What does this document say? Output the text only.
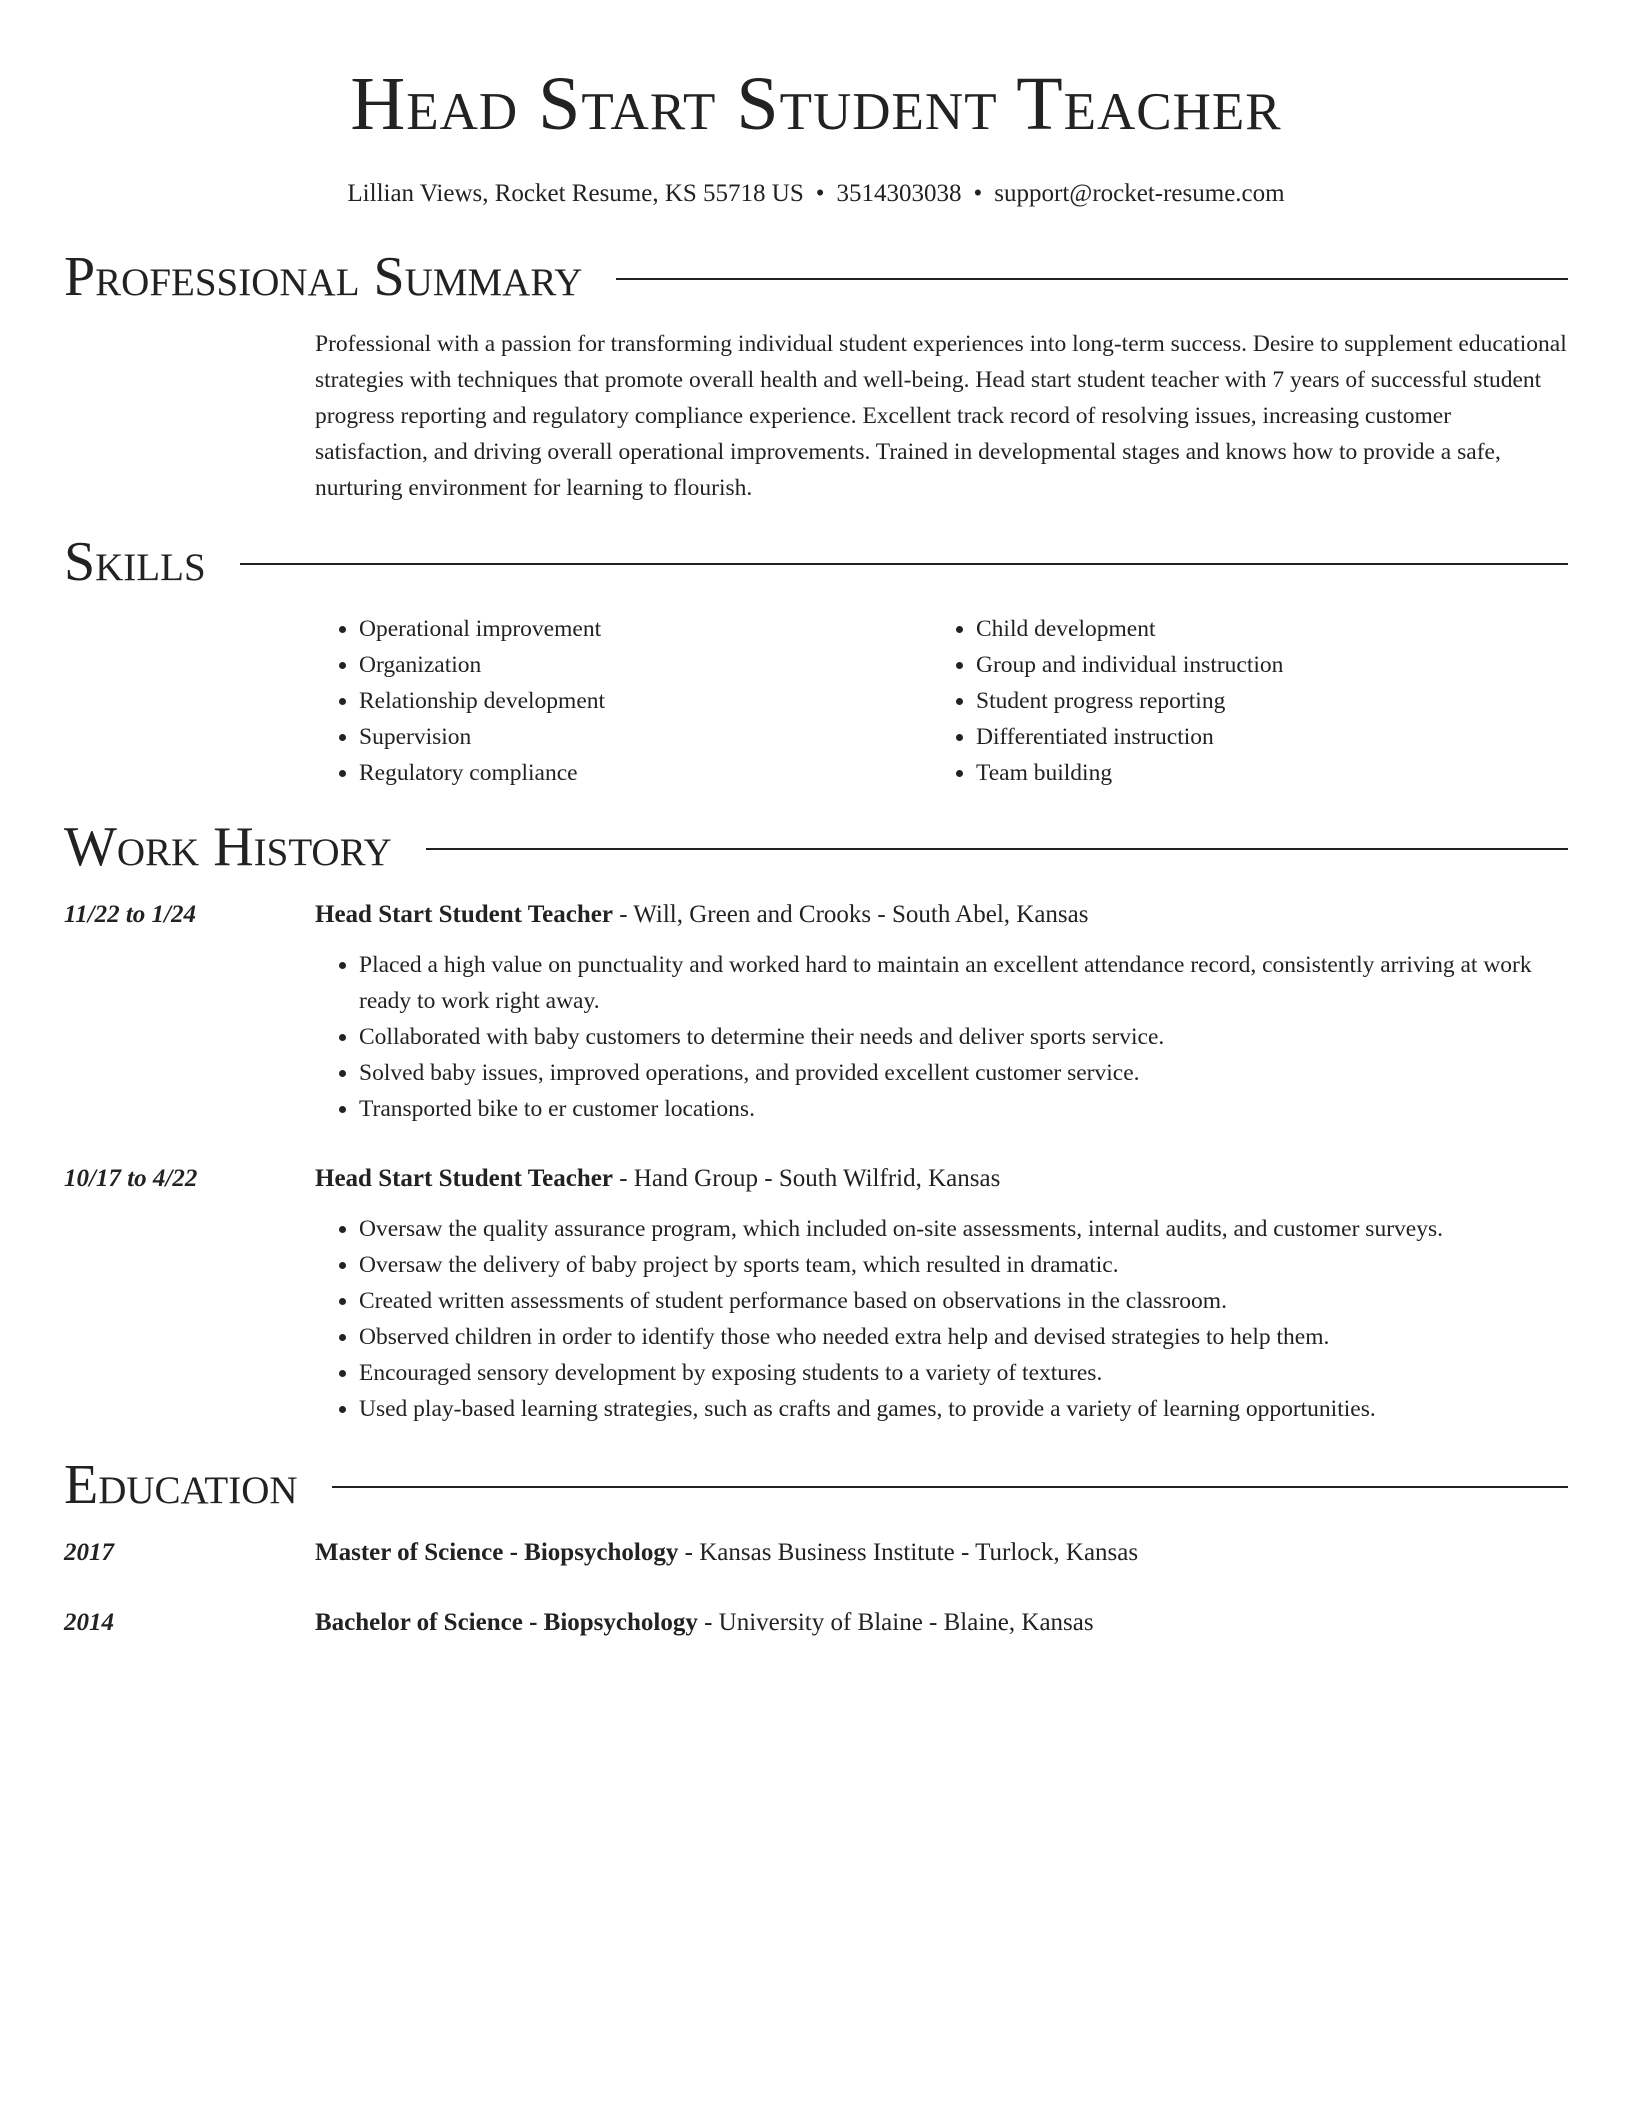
Head Start Student Teacher
Lillian Views, Rocket Resume, KS 55718 US • 3514303038 • support@rocket-resume.com
Professional Summary

Professional with a passion for transforming individual student experiences into long-term success. Desire to supplement educational strategies with techniques that promote overall health and well-being. Head start student teacher with 7 years of successful student progress reporting and regulatory compliance experience. Excellent track record of resolving issues, increasing customer satisfaction, and driving overall operational improvements. Trained in developmental stages and knows how to provide a safe, nurturing environment for learning to flourish.

Skills
• Operational improvement
• Organization
• Relationship development
• Supervision
• Regulatory compliance
• Child development
• Group and individual instruction
• Student progress reporting
• Differentiated instruction
• Team building
Work History
11/22 to 1/24	Head Start Student Teacher - Will, Green and Crooks - South Abel, Kansas
• Placed a high value on punctuality and worked hard to maintain an excellent attendance record, consistently arriving at work ready to work right away.
• Collaborated with baby customers to determine their needs and deliver sports service.
• Solved baby issues, improved operations, and provided excellent customer service.
• Transported bike to er customer locations.
10/17 to 4/22	Head Start Student Teacher - Hand Group - South Wilfrid, Kansas
• Oversaw the quality assurance program, which included on-site assessments, internal audits, and customer surveys.
• Oversaw the delivery of baby project by sports team, which resulted in dramatic.
• Created written assessments of student performance based on observations in the classroom.
• Observed children in order to identify those who needed extra help and devised strategies to help them.
• Encouraged sensory development by exposing students to a variety of textures.
• Used play-based learning strategies, such as crafts and games, to provide a variety of learning opportunities.
Education
2017	Master of Science - Biopsychology - Kansas Business Institute - Turlock, Kansas
2014	Bachelor of Science - Biopsychology - University of Blaine - Blaine, Kansas
